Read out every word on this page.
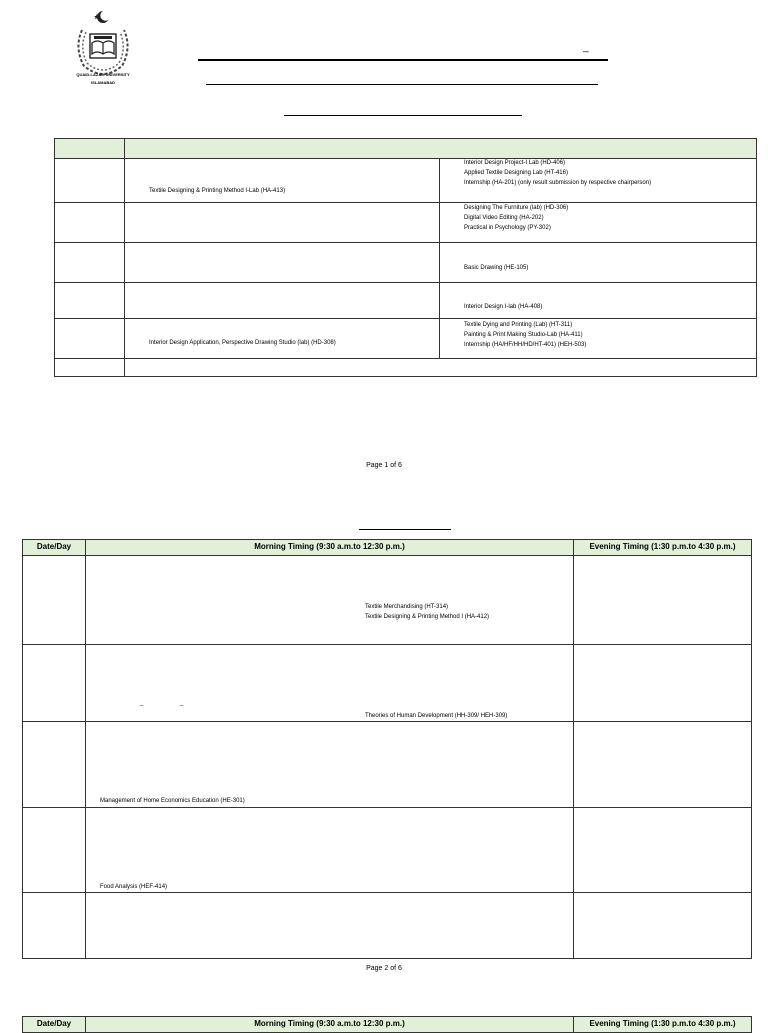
QUAID-I-AZAM UNIVERSITY
ISLAMABAD
_

	Textile Designing & Printing Method I-Lab (HA-413)	Interior Design Project-I Lab (HD-406)
Applied Textile Designing Lab (HT-416)
Internship (HA-201) (only result submission by respective chairperson)

		Designing The Furniture (lab) (HD-306)
Digital Video Editing (HA-202)
Practical in Psychology (PY-302)

		Basic Drawing (HE-105)

		Interior Design I-lab (HA-408)

	Interior Design Application, Perspective Drawing Studio (lab) (HD-308)	Textile Dying and Printing (Lab) (HT-311)
Painting & Print Making Studio-Lab (HA-411)
Internship (HA/HF/HH/HD/HT-401) (HEH-503)

Page 1 of 6
Date/Day	Morning Timing (9:30 a.m.to 12:30 p.m.)	Evening Timing (1:30 p.m.to 4:30 p.m.)

	Textile Merchandising (HT-314)
Textile Designing & Printing Method I (HA-412)	

	_ _
Theories of Human Development (HH-309/ HEH-309)	

	Management of Home Economics Education (HE-301)	

	Food Analysis (HEF-414)	

Page 2 of 6
Date/Day	Morning Timing (9:30 a.m.to 12:30 p.m.)	Evening Timing (1:30 p.m.to 4:30 p.m.)
